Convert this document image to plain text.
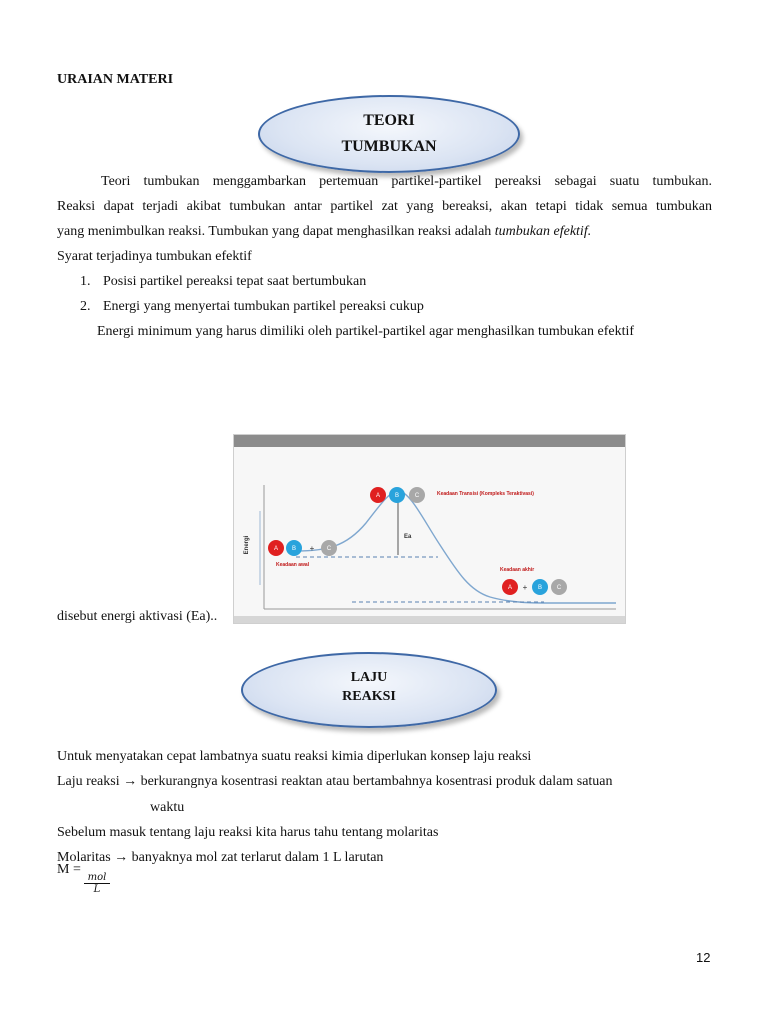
URAIAN MATERI
TEORI
TUMBUKAN
Teori tumbukan menggambarkan pertemuan partikel-partikel pereaksi sebagai suatu tumbukan.
Reaksi dapat terjadi akibat tumbukan antar partikel zat yang bereaksi, akan tetapi tidak semua tumbukan
yang menimbulkan reaksi. Tumbukan yang dapat menghasilkan reaksi adalah tumbukan efektif.
Syarat terjadinya tumbukan efektif
1. Posisi partikel pereaksi tepat saat bertumbukan
2. Energi yang menyertai tumbukan partikel pereaksi cukup
Energi minimum yang harus dimiliki oleh partikel-partikel agar menghasilkan tumbukan efektif
A B	C
A B	C
A	B C
+
+
Energi	Ea
Keadaan awal
Keadaan Transisi (Kompleks Teraktivasi)
Keadaan akhir
disebut energi aktivasi (Ea)..
LAJU
REAKSI
Untuk menyatakan cepat lambatnya suatu reaksi kimia diperlukan konsep laju reaksi
Laju reaksi → berkurangnya kosentrasi reaktan atau bertambahnya kosentrasi produk dalam satuan
waktu
Sebelum masuk tentang laju reaksi kita harus tahu tentang molaritas
Molaritas → banyaknya mol zat terlarut dalam 1 L larutan
M =
mol
L
12
